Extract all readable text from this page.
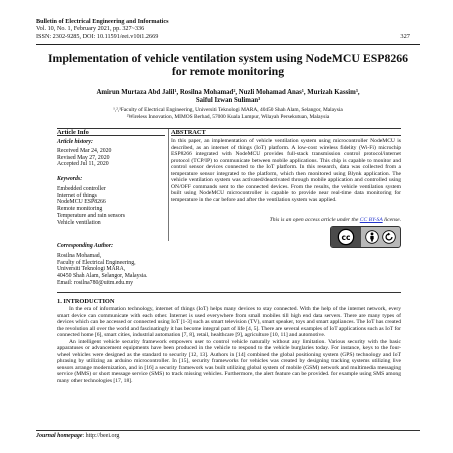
Bulletin of Electrical Engineering and Informatics
Vol. 10, No. 1, February 2021, pp. 327~336
ISSN: 2302-9285, DOI: 10.11591/eei.v10i1.2669	327
Implementation of vehicle ventilation system using NodeMCU ESP8266 for remote monitoring
Amirun Murtaza Abd Jalil¹, Rosilna Mohamad², Nuzli Mohamad Anas¹, Murizah Kassim³,
Saiful Izwan Suliman³
¹,²,³Faculty of Electrical Engineering, Universiti Teknologi MARA, 40450 Shah Alam, Selangor, Malaysia
²Wireless Innovation, MIMOS Berhad, 57000 Kuala Lumpur, Wilayah Persekutuan, Malaysia
Article Info
Article history:
Received Mar 24, 2020
Revised May 27, 2020
Accepted Jul 11, 2020
Keywords:
Embedded controller
Internet of things
NodeMCU ESP8266
Remote monitoring
Temperature and rain sensors
Vehicle ventilation
ABSTRACT
In this paper, an implementation of vehicle ventilation system using microcontroller NodeMCU is described, as an internet of things (IoT) platform. A low-cost wireless fidelity (Wi-Fi) microchip ESP8266 integrated with NodeMCU provides full-stack transmission control protocol/internet protocol (TCP/IP) to communicate between mobile applications. This chip is capable to monitor and control sensor devices connected to the IoT platform. In this research, data was collected from a temperature sensor integrated to the platform, which then monitored using Blynk application. The vehicle ventilation system was activated/deactivated through mobile application and controlled using ON/OFF commands sent to the connected devices. From the results, the vehicle ventilation system built using NodeMCU microcontroller is capable to provide near real-time data monitoring for temperature in the car before and after the ventilation system was applied.
This is an open access article under the CC BY-SA license.
cc
Corresponding Author:
Rosilna Mohamad,
Faculty of Electrical Engineering,
Universiti Teknologi MARA,
40450 Shah Alam, Selangor, Malaysia.
Email: rosilna780@uitm.edu.my
1. INTRODUCTION

In the era of information technology, internet of things (IoT) helps many devices to stay connected. With the help of the internet network, every smart device can communicate with each other. Internet is used everywhere from small mobiles till high end data servers. There are many types of devices which can be accessed or connected using IoT [1-3] such as smart television (TV), smart speaker, toys and smart appliances. The IoT has created the revolution all over the world and fascinatingly it has become integral part of life [4, 5]. There are several examples of IoT applications such as IoT for connected home [6], smart cities, industrial automation [7, 8], retail, healthcare [9], agriculture [10, 11] and automotive.

An intelligent vehicle security framework empowers user to control vehicle naturally without any limitation. Various security with the basic apparatuses or advancement equipments have been produced in the vehicle to respond to the vehicle burglaries today. For instance, keys to the four-wheel vehicles were designed as the standard to security [12, 13]. Authors in [14] combined the global positioning system (GPS) technology and IoT phrasing by utilizing an arduino microcontroller. In [15], security frameworks for vehicles was created by designing tracking systems utilizing live sensors arrange modernization, and in [16] a security framework was built utilizing global system of mobile (GSM) network and multimedia messaging service (MMS) or short message service (SMS) to track missing vehicles. Furthermore, the alert feature can be provided. for example using SMS among many other technologies [17, 18].

Journal homepage: http://beei.org
